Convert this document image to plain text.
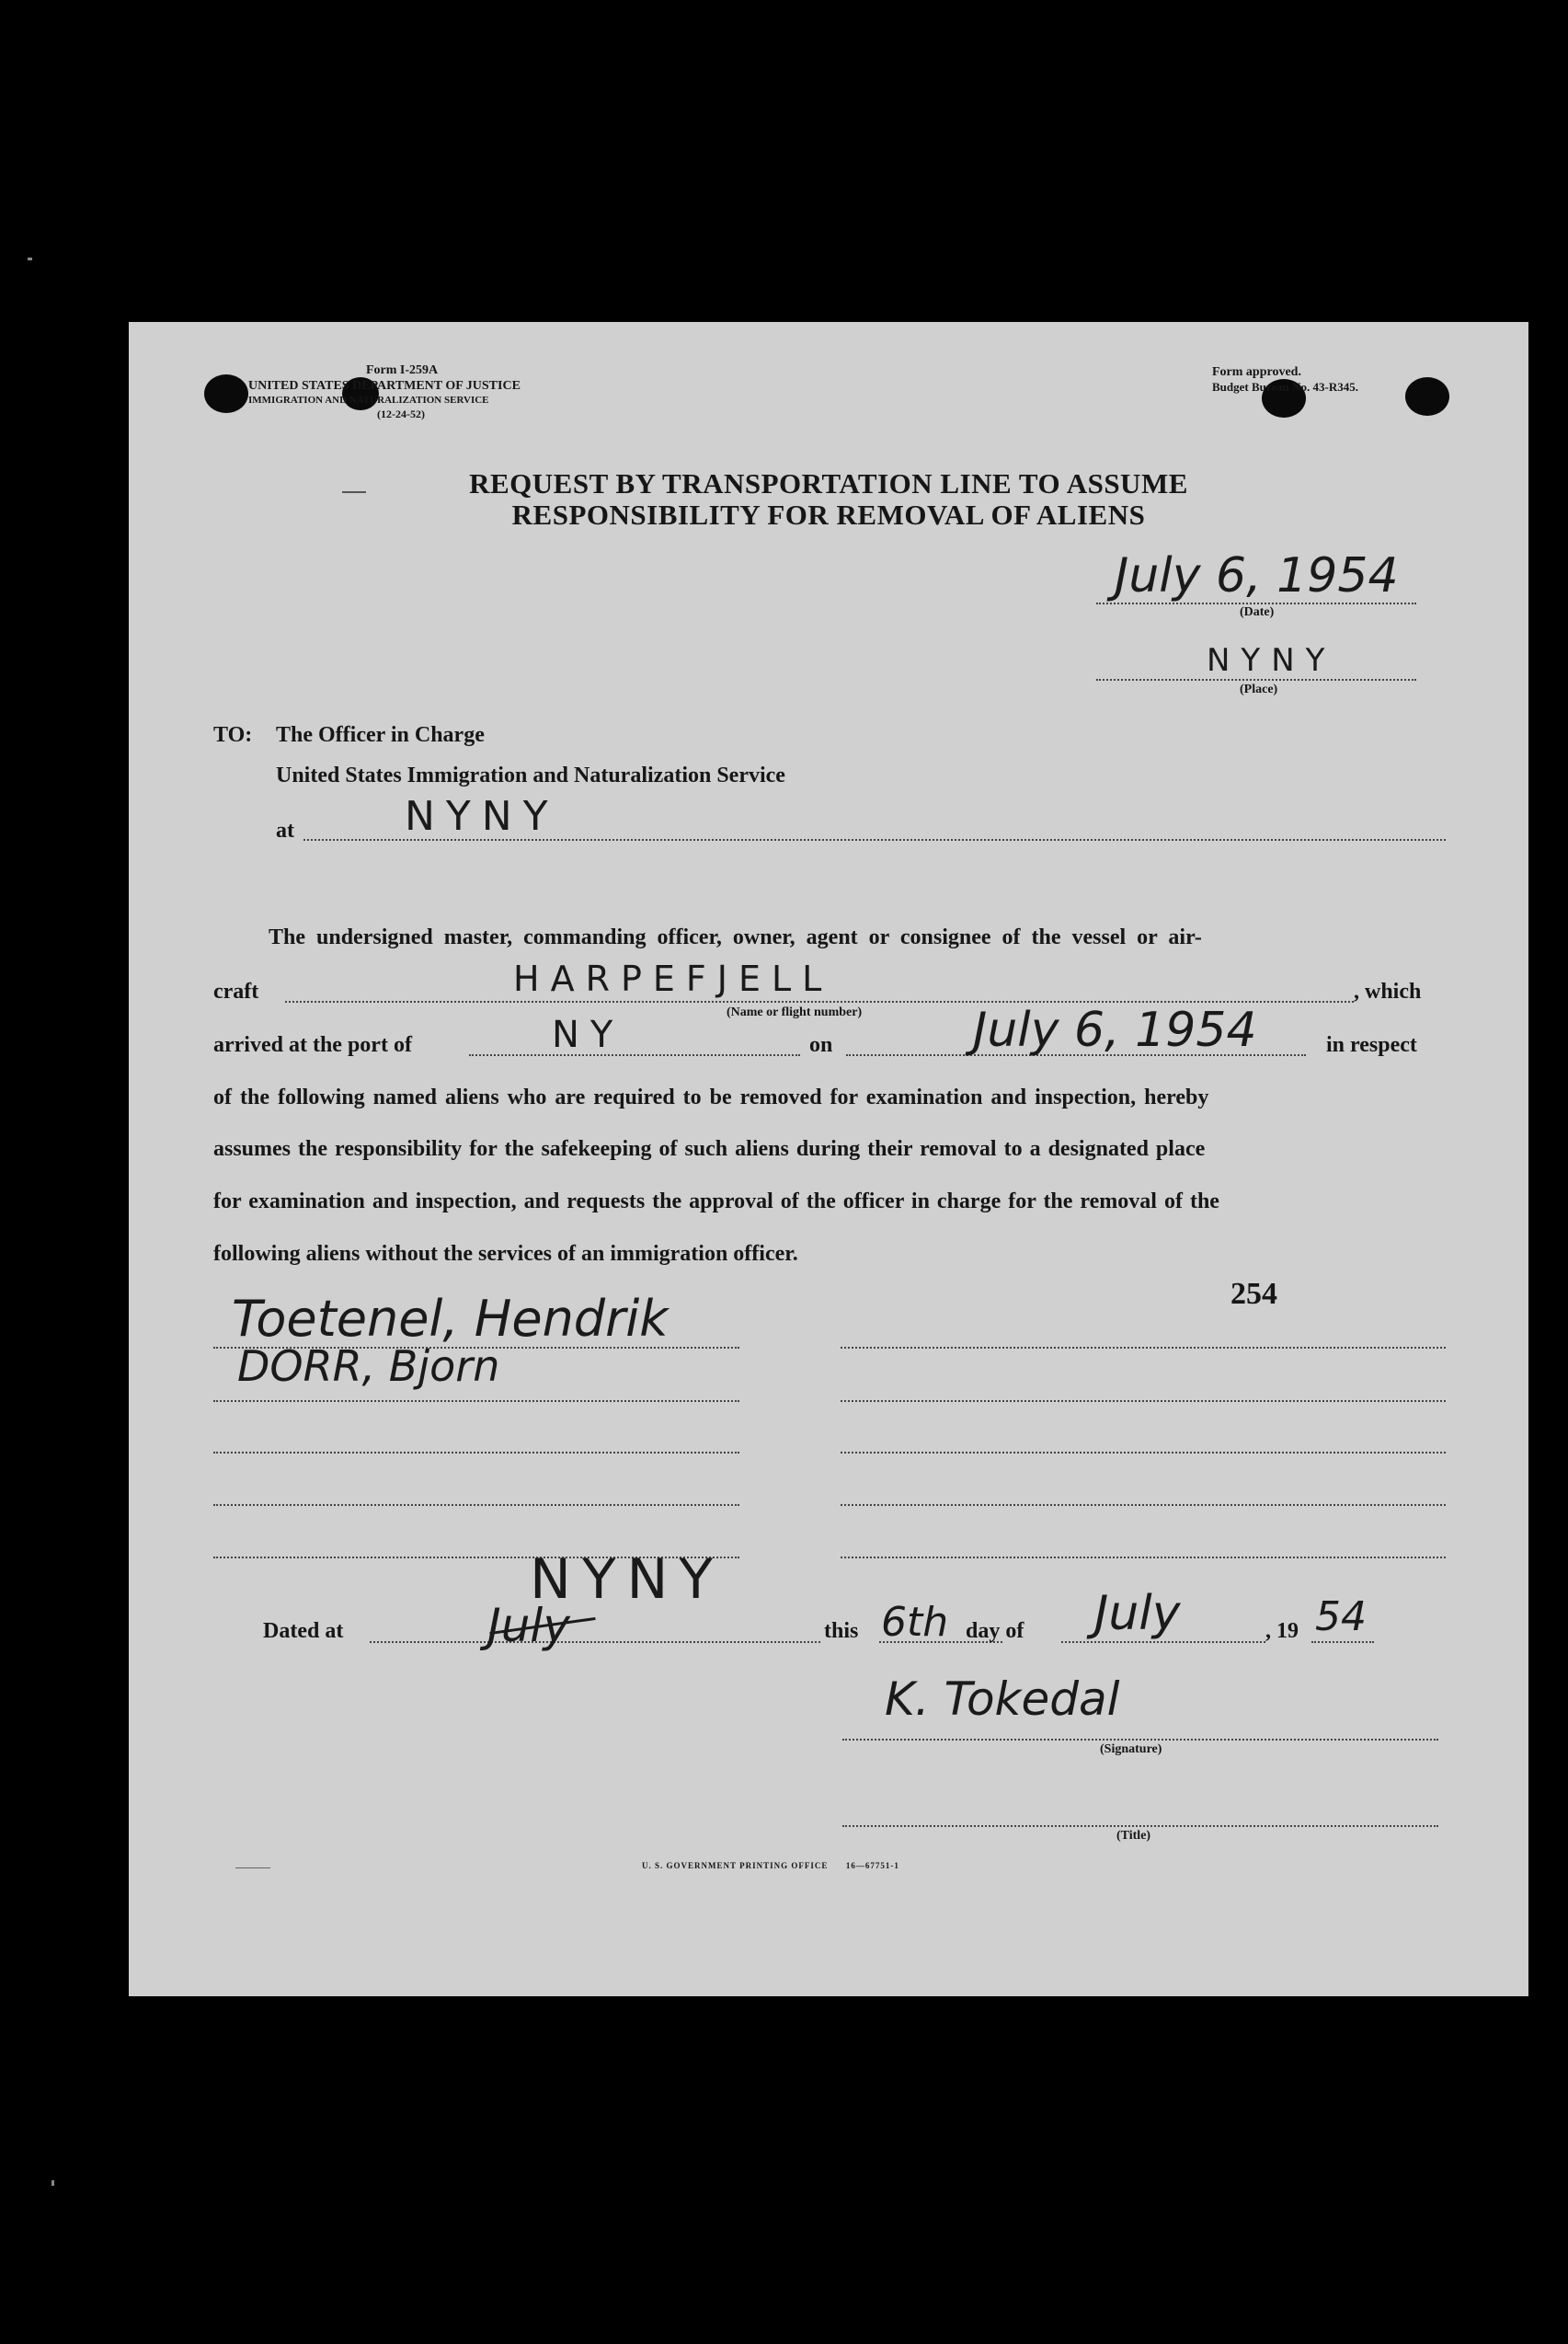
Form I-259A
UNITED STATES DEPARTMENT OF JUSTICE
IMMIGRATION AND NATURALIZATION SERVICE
(12-24-52)
Form approved.
Budget Bureau No. 43-R345.
REQUEST BY TRANSPORTATION LINE TO ASSUME
RESPONSIBILITY FOR REMOVAL OF ALIENS
July 6, 1954
(Date)
NYNY
(Place)
TO: The Officer in Charge
United States Immigration and Naturalization Service
at	NYNY
The undersigned master, commanding officer, owner, agent or consignee of the vessel or air-
craft	HARPEFJELL
(Name or flight number)
, which
arrived at the port of	NY	on	July 6, 1954	in respect
of the following named aliens who are required to be removed for examination and inspection, hereby
assumes the responsibility for the safekeeping of such aliens during their removal to a designated place
for examination and inspection, and requests the approval of the officer in charge for the removal of the
following aliens without the services of an immigration officer.
254
Toetenel, Hendrik
DORR, Bjorn
Dated at	July
NYNY
this 6th day of July	, 19 54
K. Tokedal
(Signature)
(Title)
U. S. GOVERNMENT PRINTING OFFICE      16—67751-1
